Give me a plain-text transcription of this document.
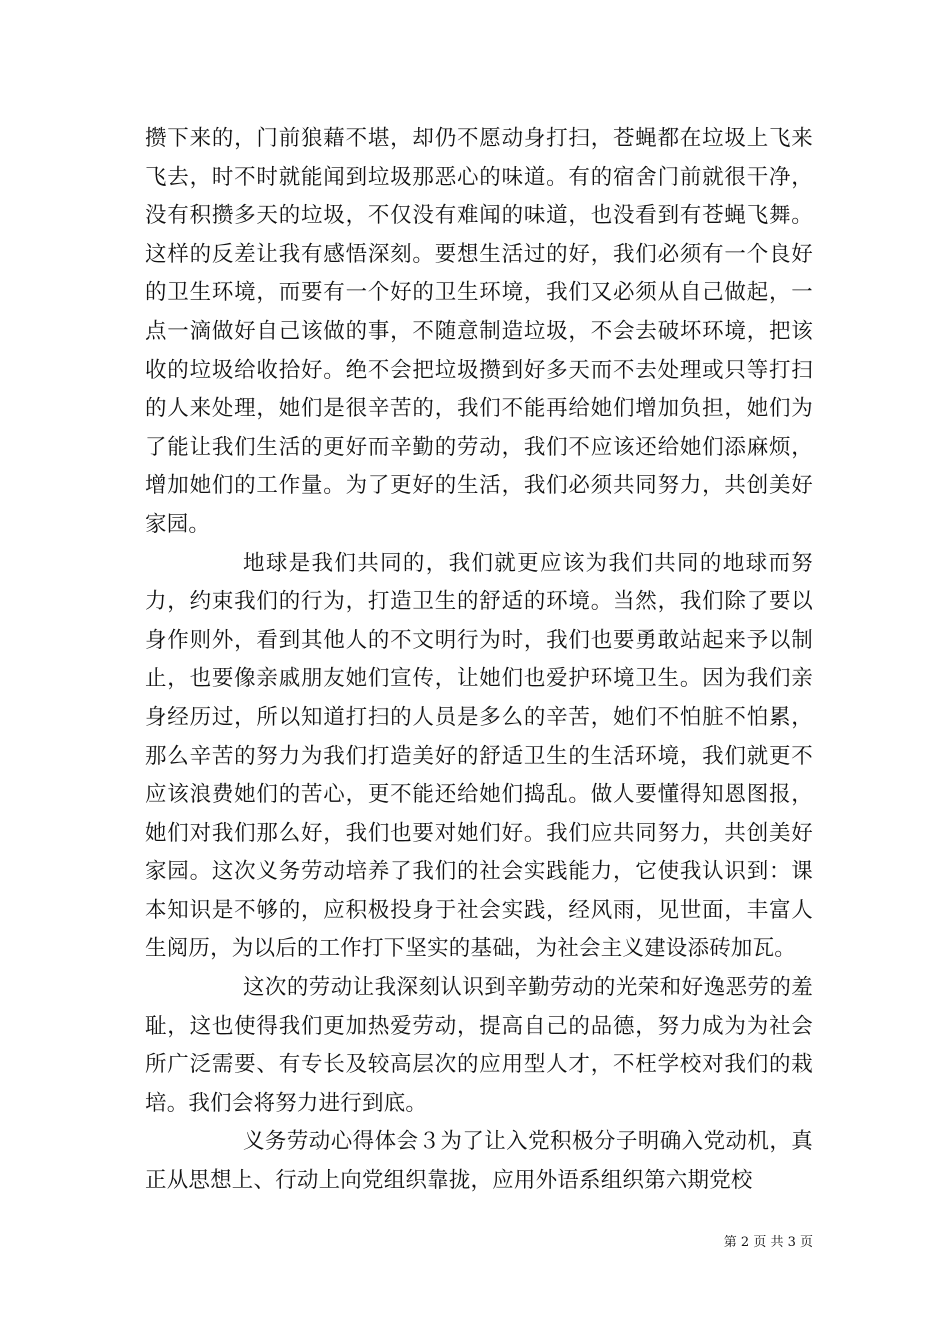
攒下来的，门前狼藉不堪，却仍不愿动身打扫，苍蝇都在垃圾上飞来飞去，时不时就能闻到垃圾那恶心的味道。有的宿舍门前就很干净，没有积攒多天的垃圾，不仅没有难闻的味道，也没看到有苍蝇飞舞。这样的反差让我有感悟深刻。要想生活过的好，我们必须有一个良好的卫生环境，而要有一个好的卫生环境，我们又必须从自己做起，一点一滴做好自己该做的事，不随意制造垃圾，不会去破坏环境，把该收的垃圾给收拾好。绝不会把垃圾攒到好多天而不去处理或只等打扫的人来处理，她们是很辛苦的，我们不能再给她们增加负担，她们为了能让我们生活的更好而辛勤的劳动，我们不应该还给她们添麻烦，增加她们的工作量。为了更好的生活，我们必须共同努力，共创美好家园。

地球是我们共同的，我们就更应该为我们共同的地球而努力，约束我们的行为，打造卫生的舒适的环境。当然，我们除了要以身作则外，看到其他人的不文明行为时，我们也要勇敢站起来予以制止，也要像亲戚朋友她们宣传，让她们也爱护环境卫生。因为我们亲身经历过，所以知道打扫的人员是多么的辛苦，她们不怕脏不怕累，那么辛苦的努力为我们打造美好的舒适卫生的生活环境，我们就更不应该浪费她们的苦心，更不能还给她们捣乱。做人要懂得知恩图报，她们对我们那么好，我们也要对她们好。我们应共同努力，共创美好家园。这次义务劳动培养了我们的社会实践能力，它使我认识到：课本知识是不够的，应积极投身于社会实践，经风雨，见世面，丰富人生阅历，为以后的工作打下坚实的基础，为社会主义建设添砖加瓦。

这次的劳动让我深刻认识到辛勤劳动的光荣和好逸恶劳的羞耻，这也使得我们更加热爱劳动，提高自己的品德，努力成为为社会所广泛需要、有专长及较高层次的应用型人才，不枉学校对我们的栽培。我们会将努力进行到底。

义务劳动心得体会３为了让入党积极分子明确入党动机，真正从思想上、行动上向党组织靠拢，应用外语系组织第六期党校

第 2 页 共 3 页
